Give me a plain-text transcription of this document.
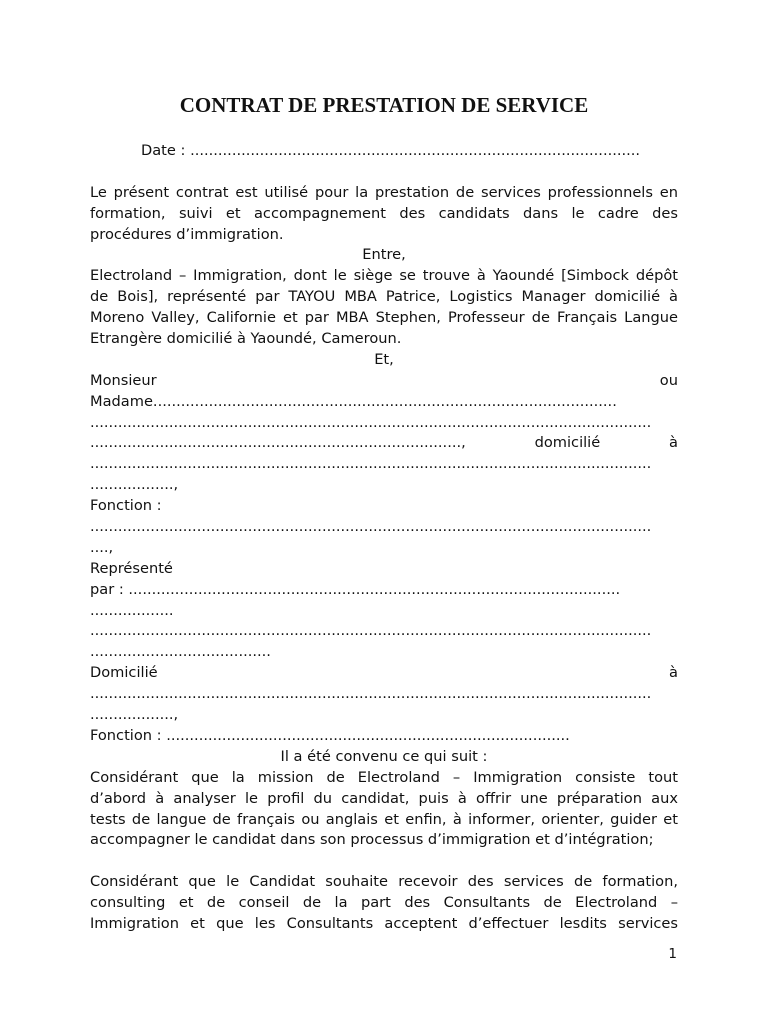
CONTRAT DE PRESTATION DE SERVICE
Date : .................................................................................................
Le présent contrat est utilisé pour la prestation de services professionnels en
formation, suivi et accompagnement des candidats dans le cadre des
procédures d’immigration.
Entre,
Electroland – Immigration, dont le siège se trouve à Yaoundé [Simbock dépôt
de Bois], représenté par TAYOU MBA Patrice, Logistics Manager domicilié à
Moreno Valley, Californie et par MBA Stephen, Professeur de Français Langue
Etrangère domicilié à Yaoundé, Cameroun.
Et,
Monsieur ou
Madame....................................................................................................
.........................................................................................................................
................................................................................, domicilié à
.........................................................................................................................
..................,
Fonction :
.........................................................................................................................
....,
Représenté
par : ..........................................................................................................
..................
.........................................................................................................................
.......................................
Domicilié à
.........................................................................................................................
..................,
Fonction : .......................................................................................
Il a été convenu ce qui suit :
Considérant que la mission de Electroland – Immigration consiste tout
d’abord à analyser le profil du candidat, puis à offrir une préparation aux
tests de langue de français ou anglais et enfin, à informer, orienter, guider et
accompagner le candidat dans son processus d’immigration et d’intégration;
Considérant que le Candidat souhaite recevoir des services de formation,
consulting et de conseil de la part des Consultants de Electroland –
Immigration et que les Consultants acceptent d’effectuer lesdits services
1
